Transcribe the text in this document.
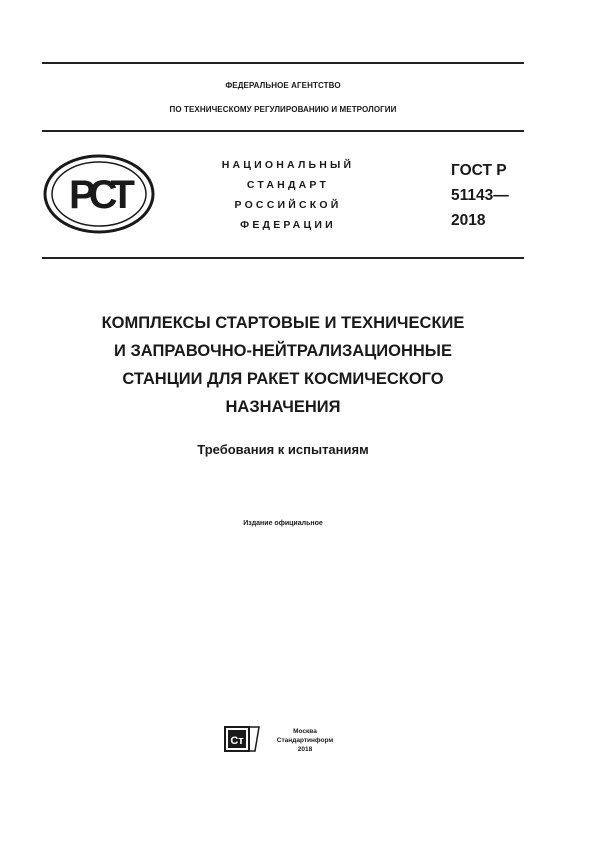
ФЕДЕРАЛЬНОЕ АГЕНТСТВО
ПО ТЕХНИЧЕСКОМУ РЕГУЛИРОВАНИЮ И МЕТРОЛОГИИ
РСТ
НАЦИОНАЛЬНЫЙ
СТАНДАРТ
РОССИЙСКОЙ
ФЕДЕРАЦИИ
ГОСТ Р
51143—
2018
КОМПЛЕКСЫ СТАРТОВЫЕ И ТЕХНИЧЕСКИЕ
И ЗАПРАВОЧНО-НЕЙТРАЛИЗАЦИОННЫЕ
СТАНЦИИ ДЛЯ РАКЕТ КОСМИЧЕСКОГО
НАЗНАЧЕНИЯ
Требования к испытаниям
Издание официальное
Ст
Москва
Стандартинформ
2018
